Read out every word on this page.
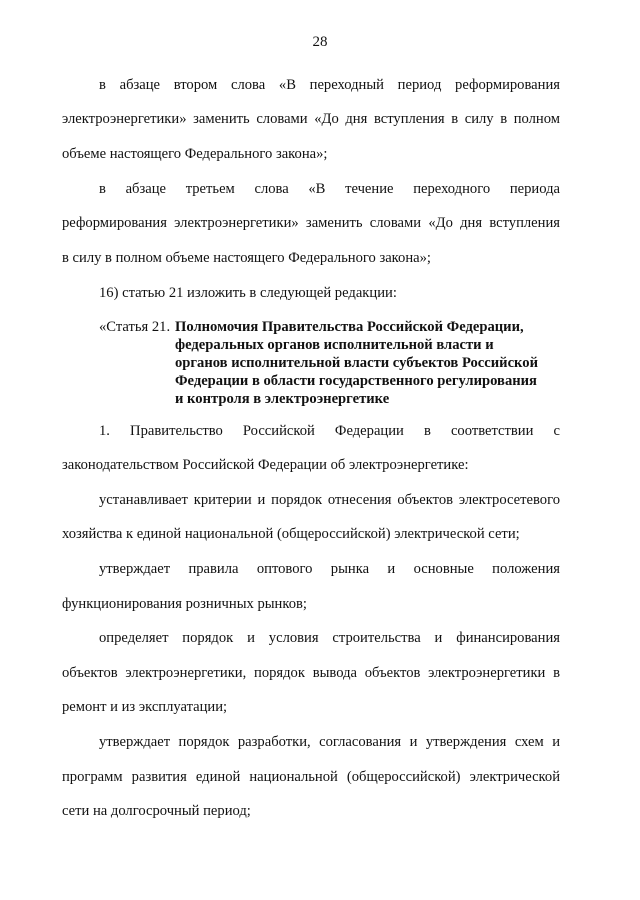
28
в абзаце втором слова «В переходный период реформирования
электроэнергетики» заменить словами «До дня вступления в силу в полном
объеме настоящего Федерального закона»;
в абзаце третьем слова «В течение переходного периода
реформирования электроэнергетики» заменить словами «До дня вступления
в силу в полном объеме настоящего Федерального закона»;
16) статью 21 изложить в следующей редакции:
«Статья 21. Полномочия Правительства Российской Федерации,
федеральных органов исполнительной власти и
органов исполнительной власти субъектов Российской
Федерации в области государственного регулирования
и контроля в электроэнергетике
1. Правительство Российской Федерации в соответствии с
законодательством Российской Федерации об электроэнергетике:
устанавливает критерии и порядок отнесения объектов электросетевого
хозяйства к единой национальной (общероссийской) электрической сети;
утверждает правила оптового рынка и основные положения
функционирования розничных рынков;
определяет порядок и условия строительства и финансирования
объектов электроэнергетики, порядок вывода объектов электроэнергетики в
ремонт и из эксплуатации;
утверждает порядок разработки, согласования и утверждения схем и
программ развития единой национальной (общероссийской) электрической
сети на долгосрочный период;
